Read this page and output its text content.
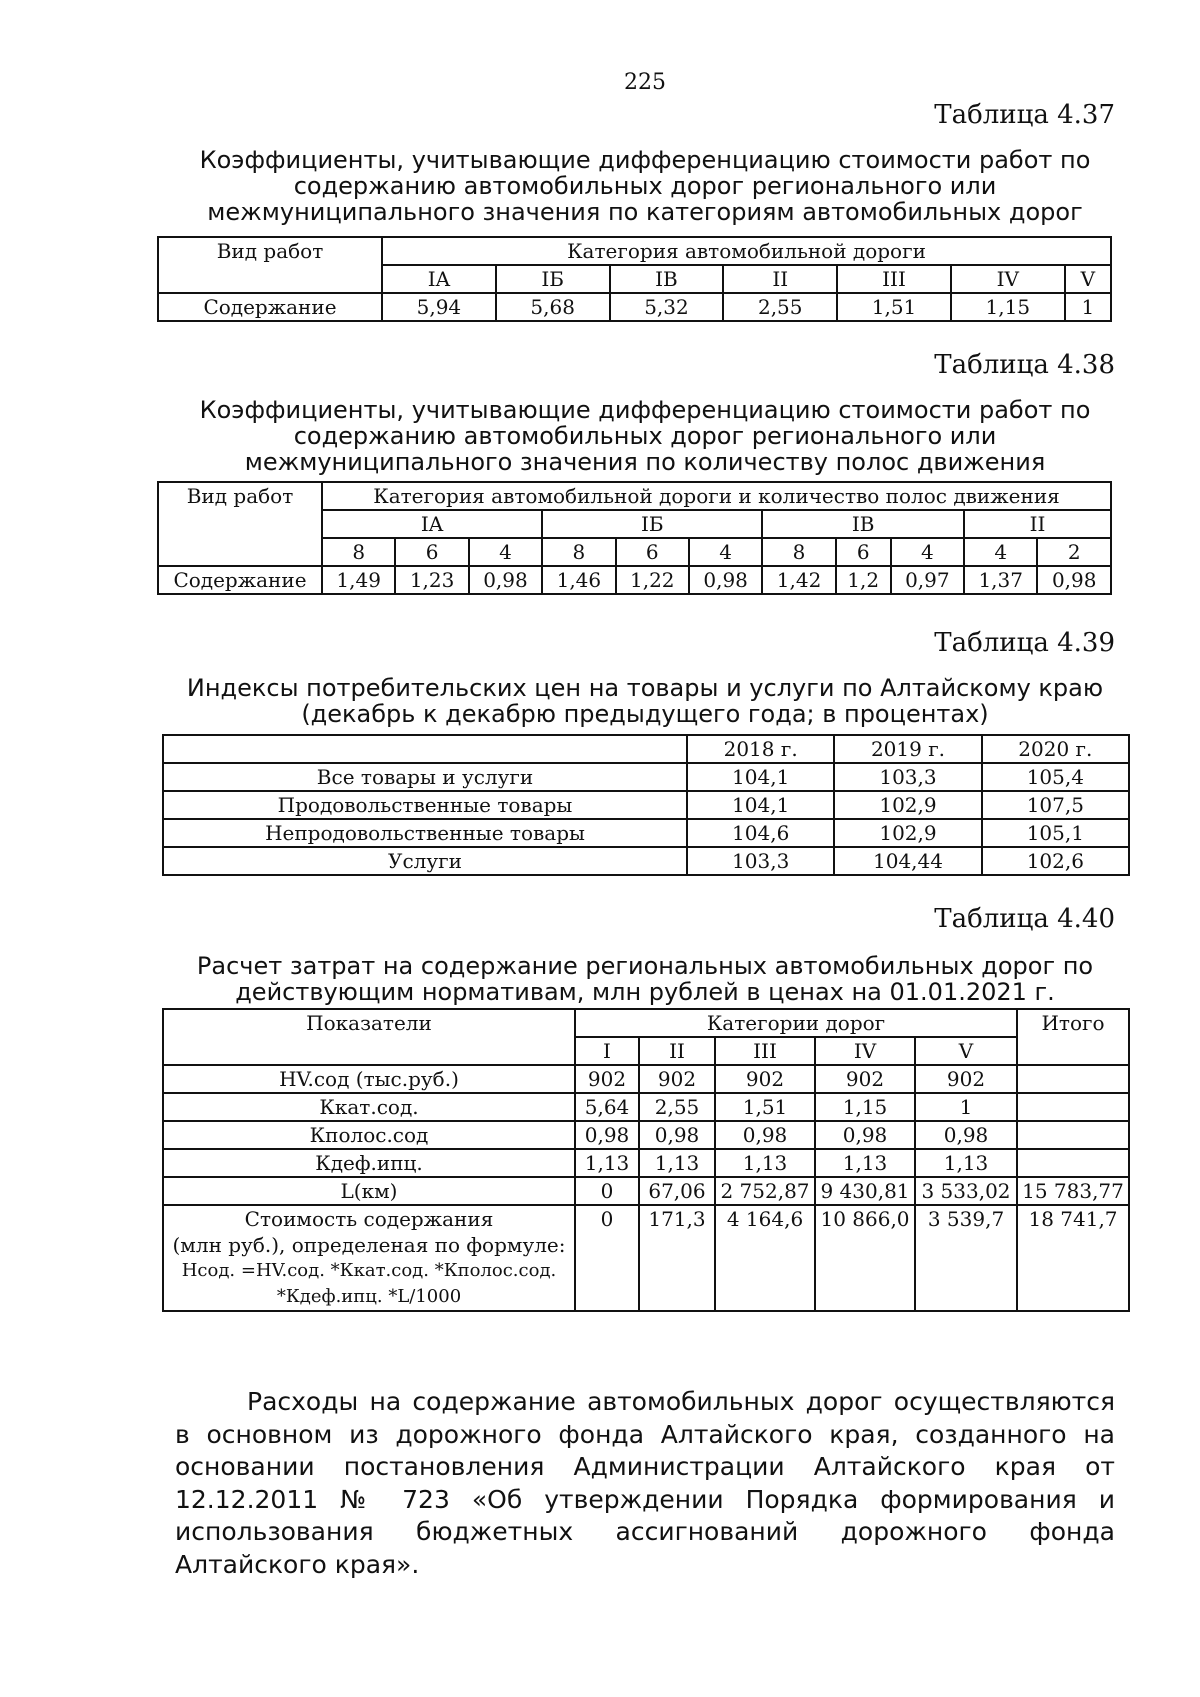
225
Таблица 4.37
Коэффициенты, учитывающие дифференциацию стоимости работ по содержанию автомобильных дорог регионального или межмуниципального значения по категориям автомобильных дорог
Вид работ	Категория автомобильной дороги						
	IA	IБ	IB	II	III	IV	V
Содержание	5,94	5,68	5,32	2,55	1,51	1,15	1
Таблица 4.38
Коэффициенты, учитывающие дифференциацию стоимости работ по содержанию автомобильных дорог регионального или межмуниципального значения по количеству полос движения
Вид работ	Категория автомобильной дороги и количество полос движения										
	IA			IБ			IB			II	
	8	6	4	8	6	4	8	6	4	4	2
Содержание	1,49	1,23	0,98	1,46	1,22	0,98	1,42	1,2	0,97	1,37	0,98
Таблица 4.39
Индексы потребительских цен на товары и услуги по Алтайскому краю (декабрь к декабрю предыдущего года; в процентах)
	2018 г.	2019 г.	2020 г.
Все товары и услуги	104,1	103,3	105,4
Продовольственные товары	104,1	102,9	107,5
Непродовольственные товары	104,6	102,9	105,1
Услуги	103,3	104,44	102,6
Таблица 4.40
Расчет затрат на содержание региональных автомобильных дорог по действующим нормативам, млн рублей в ценах на 01.01.2021 г.
Показатели	Категории дорог					Итого
	I	II	III	IV	V	
HV.сод (тыс.руб.)	902	902	902	902	902	
Ккат.сод.	5,64	2,55	1,51	1,15	1	
Кполос.сод	0,98	0,98	0,98	0,98	0,98	
Кдеф.ипц.	1,13	1,13	1,13	1,13	1,13	
L(км)	0	67,06	2 752,87	9 430,81	3 533,02	15 783,77

Стоимость содержания
(млн руб.), определеная по формуле:
Нсод. =HV.сод. *Ккат.сод. *Кполос.сод.
*Кдеф.ипц. *L/1000	0	171,3	4 164,6	10 866,0	3 539,7	18 741,7
Расходы на содержание автомобильных дорог осуществляются в основном из дорожного фонда Алтайского края, созданного на основании постановления Администрации Алтайского края от 12.12.2011 № 723 «Об утверждении Порядка формирования и использования бюджетных ассигнований дорожного фонда Алтайского края».
